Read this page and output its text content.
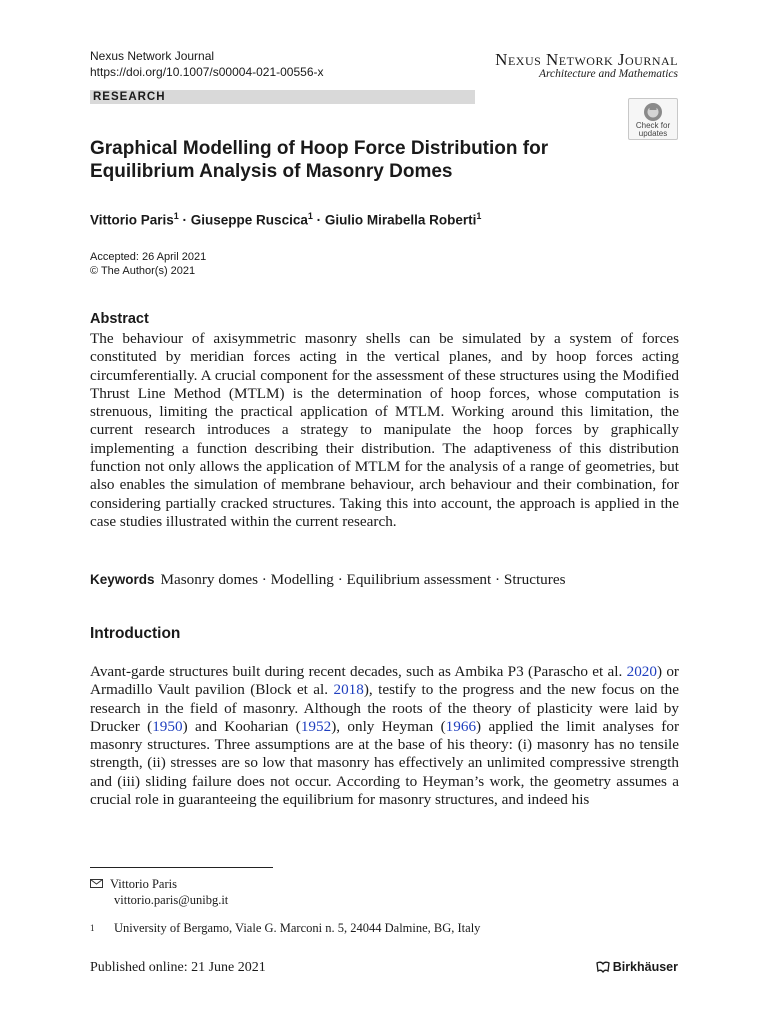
Nexus Network Journal
https://doi.org/10.1007/s00004-021-00556-x
Nexus Network Journal
Architecture and Mathematics
RESEARCH
Check for
updates
Graphical Modelling of Hoop Force Distribution for Equilibrium Analysis of Masonry Domes
Vittorio Paris$^1$ · Giuseppe Ruscica$^1$ · Giulio Mirabella Roberti$^1$
Accepted: 26 April 2021
© The Author(s) 2021
Abstract

The behaviour of axisymmetric masonry shells can be simulated by a system of forces constituted by meridian forces acting in the vertical planes, and by hoop forces acting circumferentially. A crucial component for the assessment of these structures using the Modified Thrust Line Method (MTLM) is the determination of hoop forces, whose computation is strenuous, limiting the practical application of MTLM. Working around this limitation, the current research introduces a strategy to manipulate the hoop forces by graphically implementing a function describing their distribution. The adaptiveness of this distribution function not only allows the application of MTLM for the analysis of a range of geometries, but also enables the simulation of membrane behaviour, arch behaviour and their combination, for considering partially cracked structures. Taking this into account, the approach is applied in the case studies illustrated within the current research.

Keywords Masonry domes · Modelling · Equilibrium assessment · Structures
Introduction

Avant-garde structures built during recent decades, such as Ambika P3 (Parascho et al. 2020) or Armadillo Vault pavilion (Block et al. 2018), testify to the progress and the new focus on the research in the field of masonry. Although the roots of the theory of plasticity were laid by Drucker (1950) and Kooharian (1952), only Heyman (1966) applied the limit analyses for masonry structures. Three assumptions are at the base of his theory: (i) masonry has no tensile strength, (ii) stresses are so low that masonry has effectively an unlimited compressive strength and (iii) sliding failure does not occur. According to Heyman’s work, the geometry assumes a crucial role in guaranteeing the equilibrium for masonry structures, and indeed his

Vittorio Paris
vittorio.paris@unibg.it
1 University of Bergamo, Viale G. Marconi n. 5, 24044 Dalmine, BG, Italy
Published online: 21 June 2021	Birkhäuser
